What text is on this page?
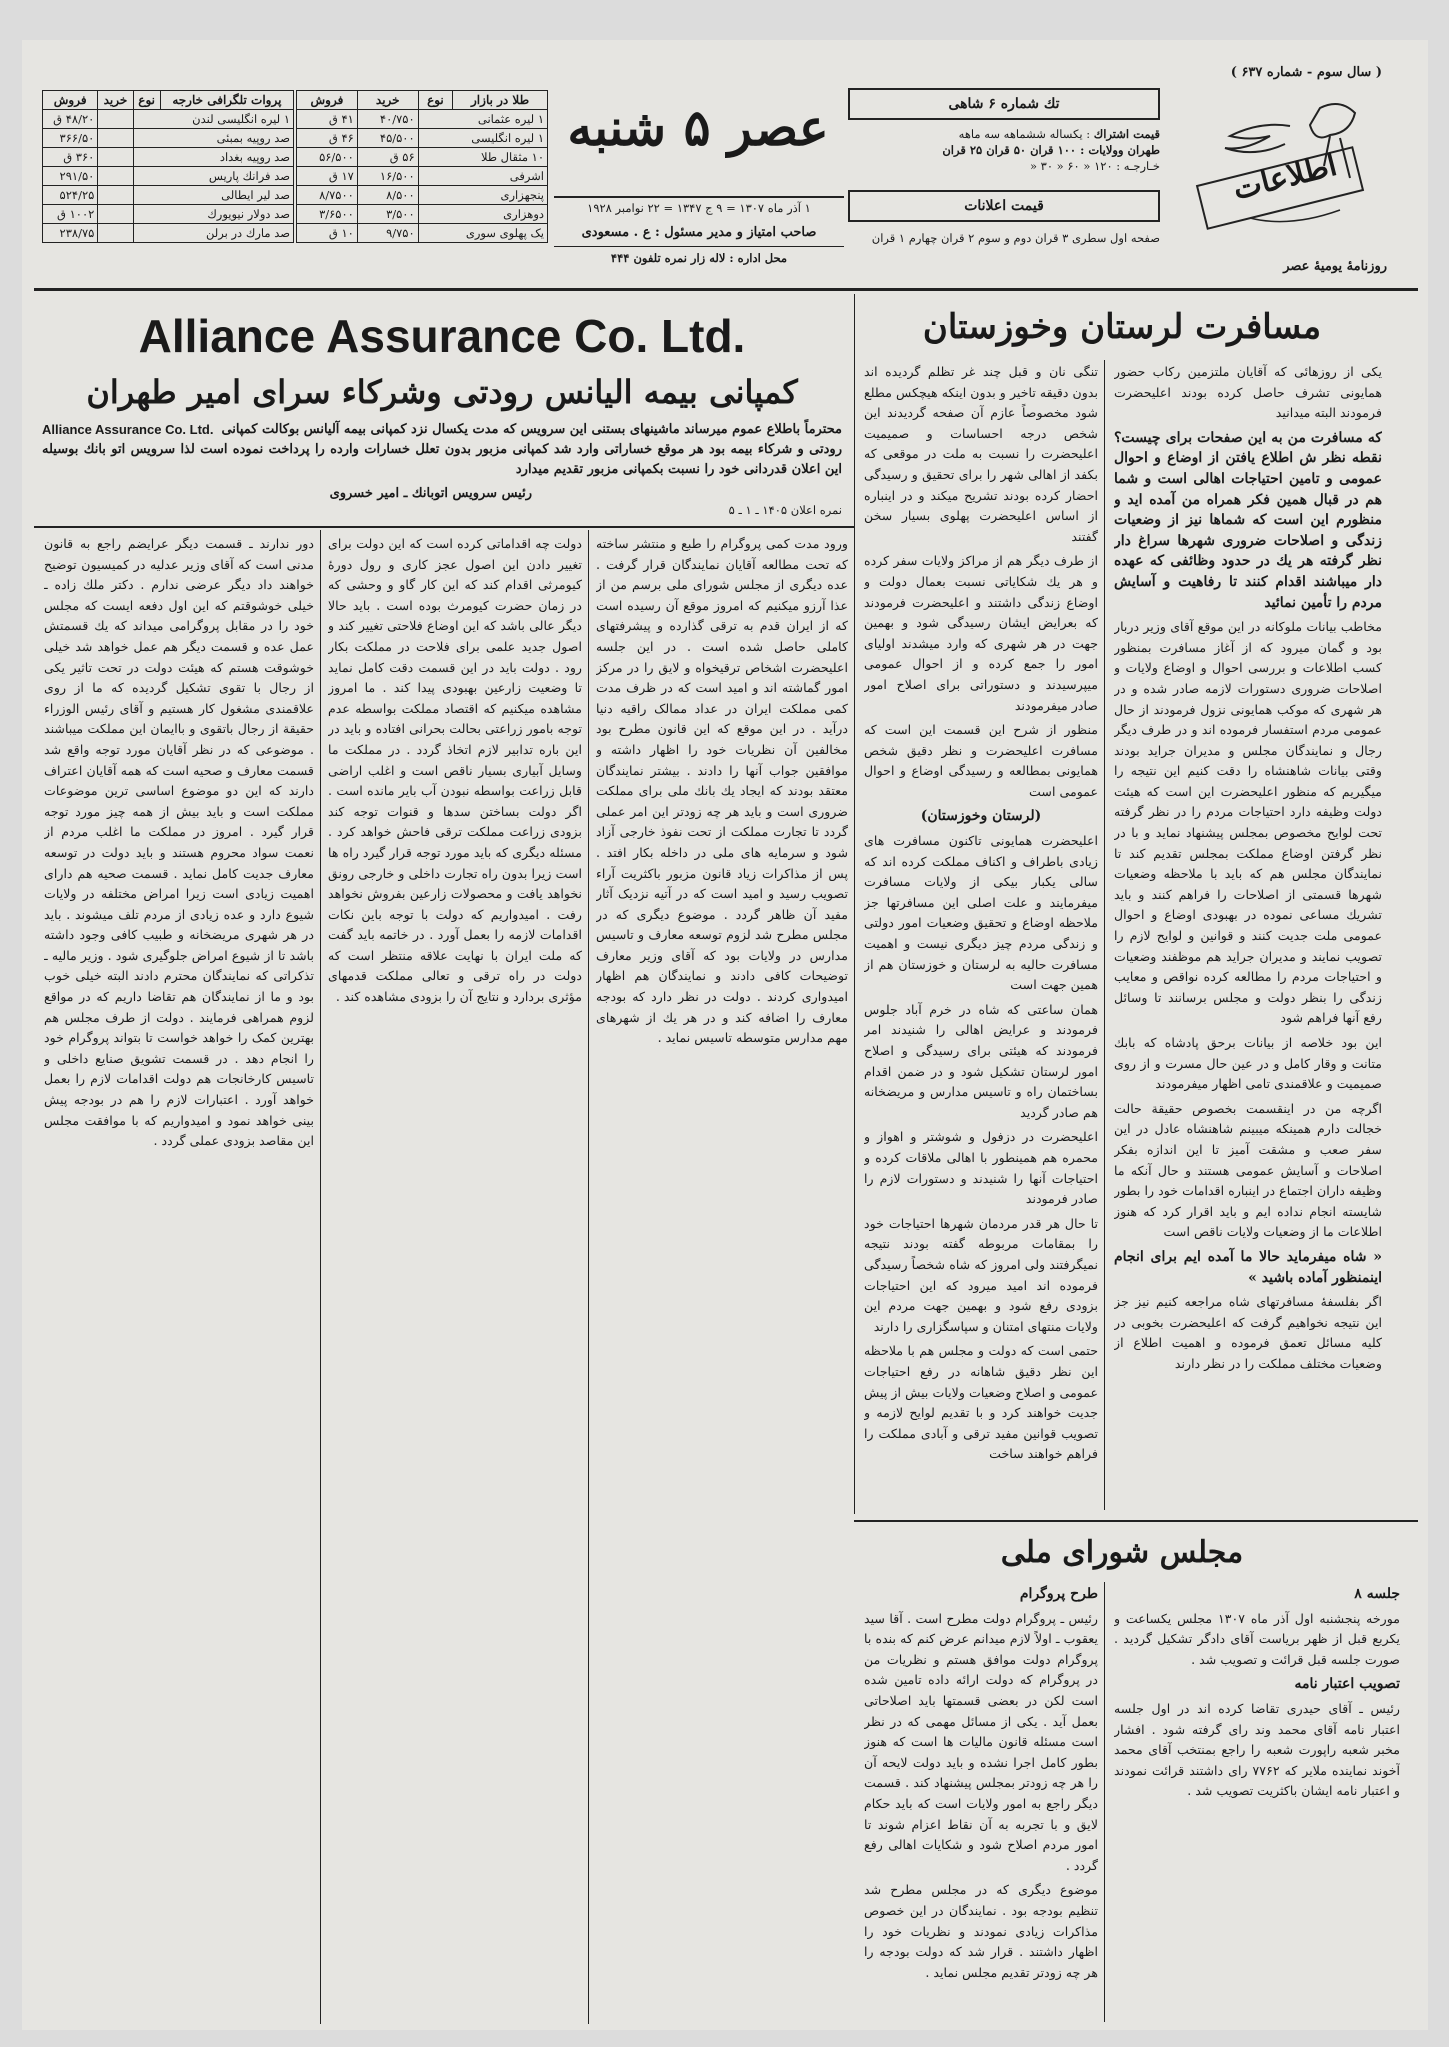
( سال سوم - شماره ۶۳۷ )
اطلاعات
روزنامهٔ یومیهٔ عصر
تك شماره ۶ شاهی
قیمت اشتراك : یکساله ششماهه سه ماهه
طهران وولایات : ۱۰۰ قران ۵۰ قران ۲۵ قران
خـارجـه : ۱۲۰ « ۶۰ « ۳۰ «
قیمت اعلانات
صفحه اول سطری ۳ قران دوم و سوم ۲ قران چهارم ۱ قران
عصر ۵ شنبه
۱ آذر ماه ۱۳۰۷ = ۹ ج ۱۳۴۷ = ۲۲ نوامبر ۱۹۲۸
صاحب امتیاز و مدیر مسئول : ع . مسعودی
محل اداره : لاله زار نمره تلفون ۴۴۴
طلا در بازار	نوع	خرید	فروش
۱ لیره عثمانی		۴۰/۷۵۰	۴۱ ق
۱ لیره انگلیسی		۴۵/۵۰۰	۴۶ ق
۱۰ مثقال طلا		۵۶ ق	۵۶/۵۰۰
اشرفی		۱۶/۵۰۰	۱۷ ق
پنجهزاری		۸/۵۰۰	۸/۷۵۰۰
دوهزاری		۳/۵۰۰	۳/۶۵۰۰
یک پهلوی سوری		۹/۷۵۰	۱۰ ق
پروات تلگرافی خارجه	نوع	خرید	فروش
۱ لیره انگلیسی لندن			۴۸/۲۰ ق
صد روپیه بمبئی			۳۶۶/۵۰
صد روپیه بغداد			۳۶۰ ق
صد فرانك پاریس			۲۹۱/۵۰
صد لیر ایطالی			۵۲۴/۲۵
صد دولار نیویورك			۱۰۰۲ ق
صد مارك در برلن			۲۳۸/۷۵
مسافرت لرستان وخوزستان

یکی از روزهائی که آقایان ملتزمین رکاب حضور همایونی تشرف حاصل کرده بودند اعلیحضرت فرمودند البته میدانید

که مسافرت من به این صفحات برای چیست؟ نقطه نظر ش اطلاع یافتن از اوضاع و احوال عمومی و تامین احتیاجات اهالی است و شما هم در قبال همین فکر همراه من آمده اید و منظورم این است که شماها نیز از وضعیات زندگی و اصلاحات ضروری شهرها سراغ دار نظر گرفته هر یك در حدود وظائفی که عهده دار میباشند اقدام کنند تا رفاهیت و آسایش مردم را تأمین نمائید

مخاطب بیانات ملوکانه در این موقع آقای وزیر دربار بود و گمان میرود که از آغاز مسافرت بمنظور کسب اطلاعات و بررسی احوال و اوضاع ولایات و اصلاحات ضروری دستورات لازمه صادر شده و در هر شهری که موکب همایونی نزول فرمودند از حال عمومی مردم استفسار فرموده اند و در طرف دیگر رجال و نمایندگان مجلس و مدیران جراید بودند وقتی بیانات شاهنشاه را دقت کنیم این نتیجه را میگیریم که منظور اعلیحضرت این است که هیئت دولت وظیفه دارد احتیاجات مردم را در نظر گرفته تحت لوایح مخصوص بمجلس پیشنهاد نماید و با در نظر گرفتن اوضاع مملکت بمجلس تقدیم کند تا نمایندگان مجلس هم که باید با ملاحظه وضعیات شهرها قسمتی از اصلاحات را فراهم کنند و باید تشریك مساعی نموده در بهبودی اوضاع و احوال عمومی ملت جدیت کنند و قوانین و لوایح لازم را تصویب نمایند و مدیران جراید هم موظفند وضعیات و احتیاجات مردم را مطالعه کرده نواقص و معایب زندگی را بنظر دولت و مجلس برسانند تا وسائل رفع آنها فراهم شود

این بود خلاصه از بیانات برحق پادشاه که بابك متانت و وقار کامل و در عین حال مسرت و از روی صمیمیت و علاقمندی تامی اظهار میفرمودند

اگرچه من در اینقسمت بخصوص حقیقة حالت خجالت دارم همینکه میبینم شاهنشاه عادل در این سفر صعب و مشقت آمیز تا این اندازه بفکر اصلاحات و آسایش عمومی هستند و حال آنکه ما وظیفه داران اجتماع در اینباره اقدامات خود را بطور شایسته انجام نداده ایم و باید اقرار کرد که هنوز اطلاعات ما از وضعیات ولایات ناقص است

« شاه میفرماید حالا ما آمده ایم برای انجام اینمنظور آماده باشید »

اگر بفلسفهٔ مسافرتهای شاه مراجعه کنیم نیز جز این نتیجه نخواهیم گرفت که اعلیحضرت بخوبی در کلیه مسائل تعمق فرموده و اهمیت اطلاع از وضعیات مختلف مملکت را در نظر دارند

تنگی نان و قبل چند غر تظلم گردیده اند بدون دقیقه تاخیر و بدون اینکه هیچکس مطلع شود مخصوصاً عازم آن صفحه گردیدند این شخص درجه احساسات و صمیمیت اعلیحضرت را نسبت به ملت در موقعی که بکفد از اهالی شهر را برای تحقیق و رسیدگی احضار کرده بودند تشریح میکند و در اینباره از اساس اعلیحضرت پهلوی بسیار سخن گفتند

از طرف دیگر هم از مراکز ولایات سفر کرده و هر یك شکایاتی نسبت بعمال دولت و اوضاع زندگی داشتند و اعلیحضرت فرمودند که بعرایض ایشان رسیدگی شود و بهمین جهت در هر شهری که وارد میشدند اولیای امور را جمع کرده و از احوال عمومی میپرسیدند و دستوراتی برای اصلاح امور صادر میفرمودند

منظور از شرح این قسمت این است که مسافرت اعلیحضرت و نظر دقیق شخص همایونی بمطالعه و رسیدگی اوضاع و احوال عمومی است

(لرستان وخوزستان)

اعلیحضرت همایونی تاکنون مسافرت های زیادی باطراف و اکناف مملکت کرده اند که سالی یکبار بیکی از ولایات مسافرت میفرمایند و علت اصلی این مسافرتها جز ملاحظه اوضاع و تحقیق وضعیات امور دولتی و زندگی مردم چیز دیگری نیست و اهمیت مسافرت حالیه به لرستان و خوزستان هم از همین جهت است

همان ساعتی که شاه در خرم آباد جلوس فرمودند و عرایض اهالی را شنیدند امر فرمودند که هیئتی برای رسیدگی و اصلاح امور لرستان تشکیل شود و در ضمن اقدام بساختمان راه و تاسیس مدارس و مریضخانه هم صادر گردید

اعلیحضرت در دزفول و شوشتر و اهواز و محمره هم همینطور با اهالی ملاقات کرده و احتیاجات آنها را شنیدند و دستورات لازم را صادر فرمودند

تا حال هر قدر مردمان شهرها احتیاجات خود را بمقامات مربوطه گفته بودند نتیجه نمیگرفتند ولی امروز که شاه شخصاً رسیدگی فرموده اند امید میرود که این احتیاجات بزودی رفع شود و بهمین جهت مردم این ولایات منتهای امتنان و سپاسگزاری را دارند

حتمی است که دولت و مجلس هم با ملاحظه این نظر دقیق شاهانه در رفع احتیاجات عمومی و اصلاح وضعیات ولایات بیش از پیش جدیت خواهند کرد و با تقدیم لوایح لازمه و تصویب قوانین مفید ترقی و آبادی مملکت را فراهم خواهند ساخت

Alliance Assurance Co. Ltd.
کمپانی بیمه الیانس رودتی وشرکاء سرای امیر طهران
Alliance Assurance Co. Ltd. محترماً باطلاع عموم میرساند ماشینهای بستنی این سرویس که مدت یکسال نزد کمپانی بیمه آلیانس بوکالت کمپانی رودتی و شرکاء بیمه بود هر موقع خساراتی وارد شد کمپانی مزبور بدون تعلل خسارات وارده را پرداخت نموده است لذا سرویس اتو بانك بوسیله این اعلان قدردانی خود را نسبت بکمپانی مزبور تقدیم میدارد
رئیس سرویس اتوبانك ـ امیر خسروی
نمره اعلان ۱۴۰۵ ـ ۱ ـ ۵

ورود مدت کمی پروگرام را طبع و منتشر ساخته که تحت مطالعه آقایان نمایندگان قرار گرفت . عده دیگری از مجلس شورای ملی برسم من از عذا آرزو میکنیم که امروز موقع آن رسیده است که از ایران قدم به ترقی گذارده و پیشرفتهای کاملی حاصل شده است . در این جلسه اعلیحضرت اشخاص ترقیخواه و لایق را در مرکز امور گماشته اند و امید است که در ظرف مدت کمی مملکت ایران در عداد ممالک راقیه دنیا درآید . در این موقع که این قانون مطرح بود مخالفین آن نظریات خود را اظهار داشته و موافقین جواب آنها را دادند . بیشتر نمایندگان معتقد بودند که ایجاد یك بانك ملی برای مملکت ضروری است و باید هر چه زودتر این امر عملی گردد تا تجارت مملکت از تحت نفوذ خارجی آزاد شود و سرمایه های ملی در داخله بکار افتد . پس از مذاکرات زیاد قانون مزبور باکثریت آراء تصویب رسید و امید است که در آتیه نزدیک آثار مفید آن ظاهر گردد . موضوع دیگری که در مجلس مطرح شد لزوم توسعه معارف و تاسیس مدارس در ولایات بود که آقای وزیر معارف توضیحات کافی دادند و نمایندگان هم اظهار امیدواری کردند . دولت در نظر دارد که بودجه معارف را اضافه کند و در هر یك از شهرهای مهم مدارس متوسطه تاسیس نماید .

دولت چه اقداماتی کرده است که این دولت برای تغییر دادن این اصول عجز کاری و رول دورهٔ کیومرثی اقدام کند که این کار گاو و وحشی که در زمان حضرت کیومرث بوده است . باید حالا دیگر عالی باشد که این اوضاع فلاحتی تغییر کند و اصول جدید علمی برای فلاحت در مملکت بکار رود . دولت باید در این قسمت دقت کامل نماید تا وضعیت زارعین بهبودی پیدا کند . ما امروز مشاهده میکنیم که اقتصاد مملکت بواسطه عدم توجه بامور زراعتی بحالت بحرانی افتاده و باید در این باره تدابیر لازم اتخاذ گردد . در مملکت ما وسایل آبیاری بسیار ناقص است و اغلب اراضی قابل زراعت بواسطه نبودن آب بایر مانده است . اگر دولت بساختن سدها و قنوات توجه کند بزودی زراعت مملکت ترقی فاحش خواهد کرد . مسئله دیگری که باید مورد توجه قرار گیرد راه ها است زیرا بدون راه تجارت داخلی و خارجی رونق نخواهد یافت و محصولات زارعین بفروش نخواهد رفت . امیدواریم که دولت با توجه باین نکات اقدامات لازمه را بعمل آورد . در خاتمه باید گفت که ملت ایران با نهایت علاقه منتظر است که دولت در راه ترقی و تعالی مملکت قدمهای مؤثری بردارد و نتایج آن را بزودی مشاهده کند .

دور ندارند ـ قسمت دیگر عرایضم راجع به قانون مدنی است که آقای وزیر عدلیه در کمیسیون توضیح خواهند داد دیگر عرضی ندارم . دکتر ملك زاده ـ خیلی خوشوقتم که این اول دفعه ایست که مجلس خود را در مقابل پروگرامی میداند که یك قسمتش عمل عده و قسمت دیگر هم عمل خواهد شد خیلی خوشوقت هستم که هیئت دولت در تحت تاثیر یکی از رجال با تقوی تشکیل گردیده که ما از روی علاقمندی مشغول کار هستیم و آقای رئیس الوزراء حقیقة از رجال باتقوی و باایمان این مملکت میباشند . موضوعی که در نظر آقایان مورد توجه واقع شد قسمت معارف و صحیه است که همه آقایان اعتراف دارند که این دو موضوع اساسی ترین موضوعات مملکت است و باید بیش از همه چیز مورد توجه قرار گیرد . امروز در مملکت ما اغلب مردم از نعمت سواد محروم هستند و باید دولت در توسعه معارف جدیت کامل نماید . قسمت صحیه هم دارای اهمیت زیادی است زیرا امراض مختلفه در ولایات شیوع دارد و عده زیادی از مردم تلف میشوند . باید در هر شهری مریضخانه و طبیب کافی وجود داشته باشد تا از شیوع امراض جلوگیری شود . وزیر مالیه ـ تذکراتی که نمایندگان محترم دادند البته خیلی خوب بود و ما از نمایندگان هم تقاضا داریم که در مواقع لزوم همراهی فرمایند . دولت از طرف مجلس هم بهترین کمک را خواهد خواست تا بتواند پروگرام خود را انجام دهد . در قسمت تشویق صنایع داخلی و تاسیس کارخانجات هم دولت اقدامات لازم را بعمل خواهد آورد . اعتبارات لازم را هم در بودجه پیش بینی خواهد نمود و امیدواریم که با موافقت مجلس این مقاصد بزودی عملی گردد .

مجلس شورای ملی

جلسه ۸

مورخه پنجشنبه اول آذر ماه ۱۳۰۷ مجلس یکساعت و یکربع قبل از ظهر بریاست آقای دادگر تشکیل گردید . صورت جلسه قبل قرائت و تصویب شد .

تصویب اعتبار نامه

رئیس ـ آقای حیدری تقاضا کرده اند در اول جلسه اعتبار نامه آقای محمد وند رای گرفته شود . افشار مخبر شعبه راپورت شعبه را راجع بمنتخب آقای محمد آخوند نماینده ملایر که ۷۷۶۲ رای داشتند قرائت نمودند و اعتبار نامه ایشان باکثریت تصویب شد .

طرح پروگرام

رئیس ـ پروگرام دولت مطرح است . آقا سید یعقوب ـ اولاً لازم میدانم عرض کنم که بنده با پروگرام دولت موافق هستم و نظریات من در پروگرام که دولت ارائه داده تامین شده است لکن در بعضی قسمتها باید اصلاحاتی بعمل آید . یکی از مسائل مهمی که در نظر است مسئله قانون مالیات ها است که هنوز بطور کامل اجرا نشده و باید دولت لایحه آن را هر چه زودتر بمجلس پیشنهاد کند . قسمت دیگر راجع به امور ولایات است که باید حکام لایق و با تجربه به آن نقاط اعزام شوند تا امور مردم اصلاح شود و شکایات اهالی رفع گردد .

موضوع دیگری که در مجلس مطرح شد تنظیم بودجه بود . نمایندگان در این خصوص مذاکرات زیادی نمودند و نظریات خود را اظهار داشتند . قرار شد که دولت بودجه را هر چه زودتر تقدیم مجلس نماید .
